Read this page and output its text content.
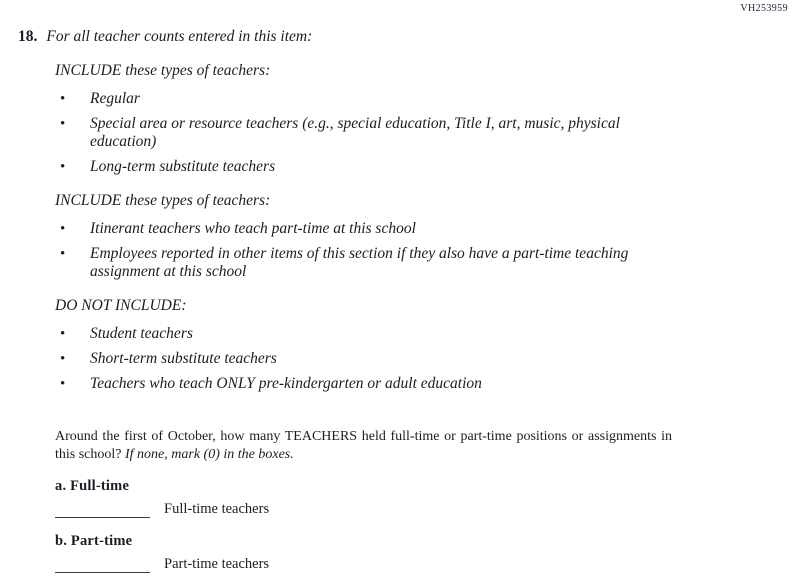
VH253959

18. For all teacher counts entered in this item:

INCLUDE these types of teachers:
• Regular
• Special area or resource teachers (e.g., special education, Title I, art, music, physical education)
• Long-term substitute teachers
INCLUDE these types of teachers:
• Itinerant teachers who teach part-time at this school
• Employees reported in other items of this section if they also have a part-time teaching assignment at this school
DO NOT INCLUDE:
• Student teachers
• Short-term substitute teachers
• Teachers who teach ONLY pre-kindergarten or adult education

Around the first of October, how many TEACHERS held full-time or part-time positions or assignments in this school? If none, mark (0) in the boxes.

a. Full-time
Full-time teachers
b. Part-time
Part-time teachers
